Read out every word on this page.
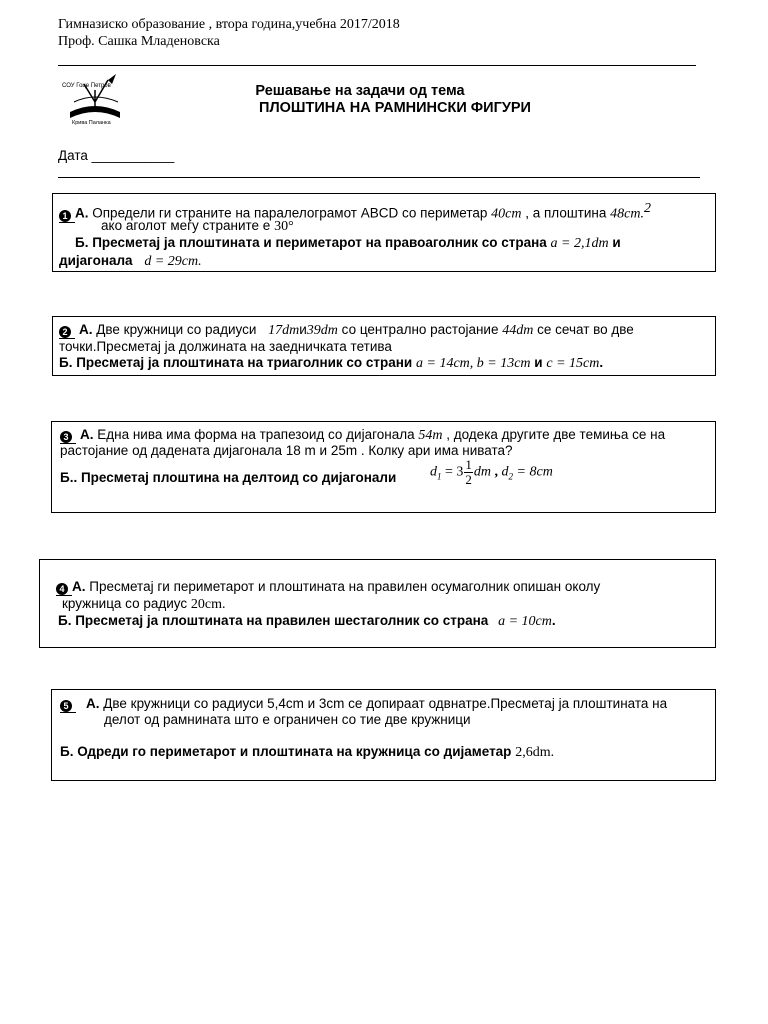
Гимназиско образование , втора година,учебна 2017/2018
Проф. Сашка Младеновска
СОУ Гоце Петров
Крива Паланка
Решавање на задачи од тема
ПЛОШТИНА НА РАМНИНСКИ ФИГУРИ
Дата ___________
1 А. Определи ги страните на паралелограмот ABCD со периметар 40cm , а плоштина 48cm.$^2$
ако аголот меѓу страните е 30°
Б. Пресметај ја плоштината и периметарот на правоаголник со страна a = 2,1dm и
дијагонала d = 29cm.
2 А. Две кружници со радиуси 17dmи39dm со централно растојание 44dm се сечат во две
точки.Пресметај ја должината на заедничката тетива
Б. Пресметај ја плоштината на триаголник со страни a = 14cm, b = 13cm и c = 15cm.
3 А. Една нива има форма на трапезоид со дијагонала 54m , додека другите две темиња се на
растојание од дадената дијагонала 18 m и 25m . Колку ари има нивата?
Б.. Пресметај плоштина на делтоид со дијагонали $d_1 = 3 \frac{1}{2}$ dm , $d_2 = 8cm$
4 А. Пресметај ги периметарот и плоштината на правилен осумаголник опишан околу
кружница со радиус 20cm.
Б. Пресметај ја плоштината на правилен шестаголник со страна a = 10cm.
5 А. Две кружници со радиуси 5,4cm и 3cm се допираат одвнатре.Пресметај ја плоштината на
делот од рамнината што е ограничен со тие две кружници
Б. Одреди го периметарот и плоштината на кружница со дијаметар 2,6dm.
